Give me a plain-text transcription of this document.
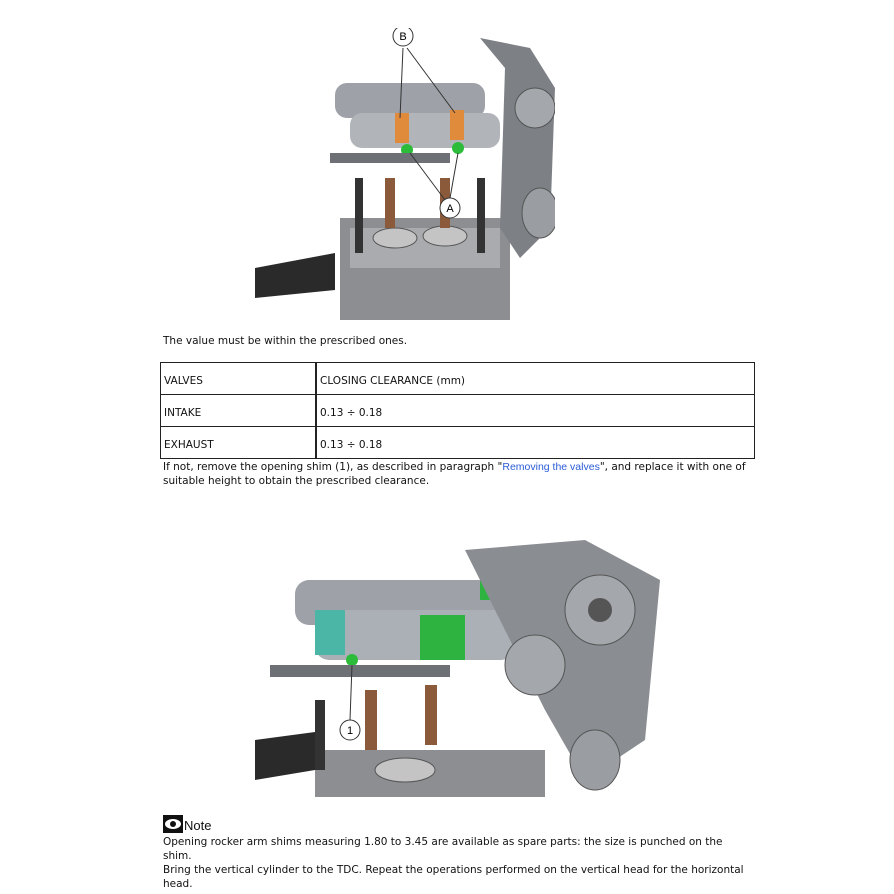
B
A
The value must be within the prescribed ones.
VALVES	CLOSING CLEARANCE (mm)
INTAKE	0.13 ÷ 0.18
EXHAUST	0.13 ÷ 0.18
If not, remove the opening shim (1), as described in paragraph "Removing the valves", and replace it with one of suitable height to obtain the prescribed clearance.
1
Note
Opening rocker arm shims measuring 1.80 to 3.45 are available as spare parts: the size is punched on the shim.
Bring the vertical cylinder to the TDC. Repeat the operations performed on the vertical head for the horizontal head.
